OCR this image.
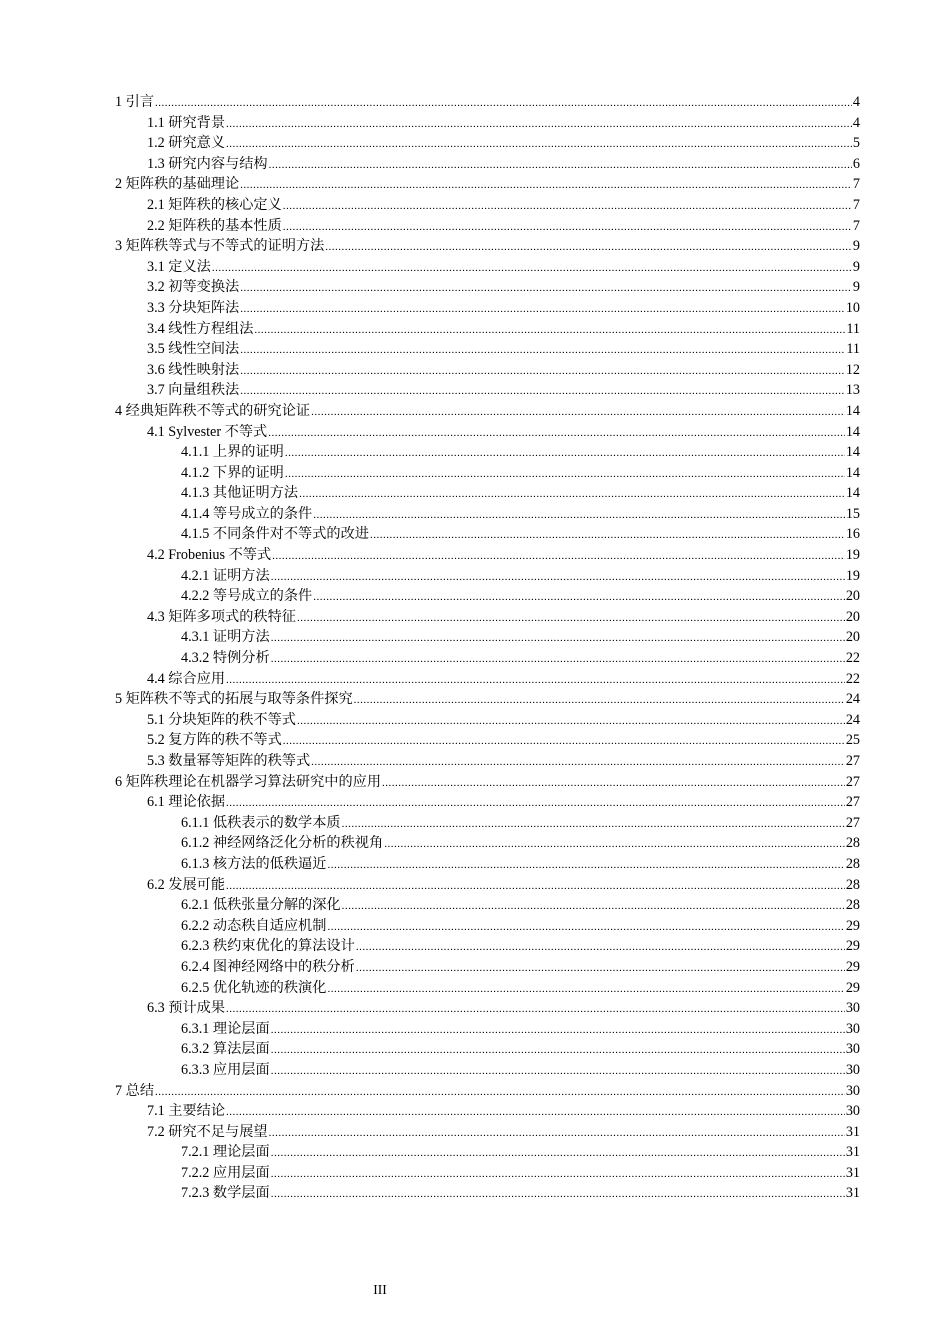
1 引言 .....	4
1.1 研究背景 .....	4
1.2 研究意义 .....	5
1.3 研究内容与结构 .....	6
2 矩阵秩的基础理论 .....	7
2.1 矩阵秩的核心定义 .....	7
2.2 矩阵秩的基本性质 .....	7
3 矩阵秩等式与不等式的证明方法 .....	9
3.1 定义法 .....	9
3.2 初等变换法 .....	9
3.3 分块矩阵法 .....	10
3.4 线性方程组法 .....	11
3.5 线性空间法 .....	11
3.6 线性映射法 .....	12
3.7 向量组秩法 .....	13
4 经典矩阵秩不等式的研究论证 .....	14
4.1 Sylvester 不等式 .....	14
4.1.1 上界的证明 .....	14
4.1.2 下界的证明 .....	14
4.1.3 其他证明方法 .....	14
4.1.4 等号成立的条件 .....	15
4.1.5 不同条件对不等式的改进 .....	16
4.2 Frobenius 不等式 .....	19
4.2.1 证明方法 .....	19
4.2.2 等号成立的条件 .....	20
4.3 矩阵多项式的秩特征 .....	20
4.3.1 证明方法 .....	20
4.3.2 特例分析 .....	22
4.4 综合应用 .....	22
5 矩阵秩不等式的拓展与取等条件探究 .....	24
5.1 分块矩阵的秩不等式 .....	24
5.2 复方阵的秩不等式 .....	25
5.3 数量幂等矩阵的秩等式 .....	27
6 矩阵秩理论在机器学习算法研究中的应用 .....	27
6.1 理论依据 .....	27
6.1.1 低秩表示的数学本质 .....	27
6.1.2 神经网络泛化分析的秩视角 .....	28
6.1.3 核方法的低秩逼近 .....	28
6.2 发展可能 .....	28
6.2.1 低秩张量分解的深化 .....	28
6.2.2 动态秩自适应机制 .....	29
6.2.3 秩约束优化的算法设计 .....	29
6.2.4 图神经网络中的秩分析 .....	29
6.2.5 优化轨迹的秩演化 .....	29
6.3 预计成果 .....	30
6.3.1 理论层面 .....	30
6.3.2 算法层面 .....	30
6.3.3 应用层面 .....	30
7 总结 .....	30
7.1 主要结论 .....	30
7.2 研究不足与展望 .....	31
7.2.1 理论层面 .....	31
7.2.2 应用层面 .....	31
7.2.3 数学层面 .....	31
III
